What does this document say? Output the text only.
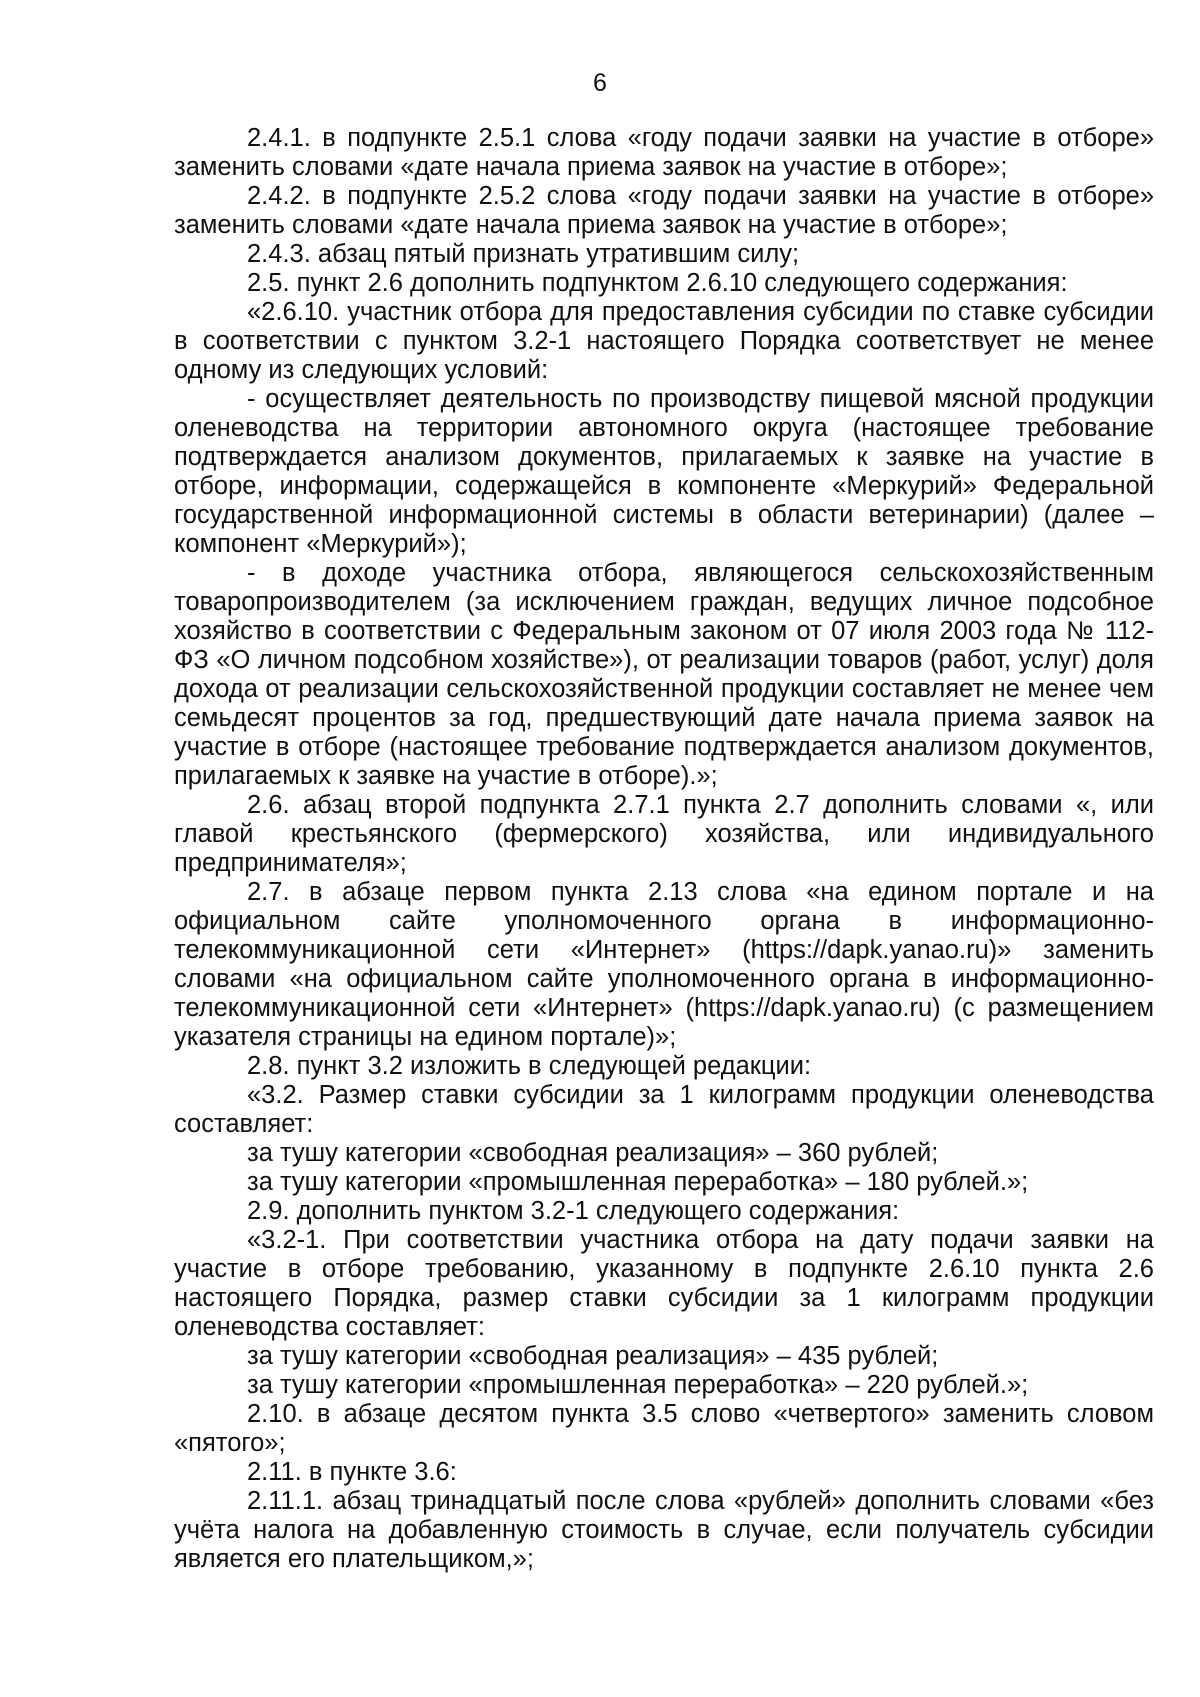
6

2.4.1. в подпункте 2.5.1 слова «году подачи заявки на участие в отборе» заменить словами «дате начала приема заявок на участие в отборе»;

2.4.2. в подпункте 2.5.2 слова «году подачи заявки на участие в отборе» заменить словами «дате начала приема заявок на участие в отборе»;

2.4.3. абзац пятый признать утратившим силу;

2.5. пункт 2.6 дополнить подпунктом 2.6.10 следующего содержания:

«2.6.10. участник отбора для предоставления субсидии по ставке субсидии в соответствии с пунктом 3.2-1 настоящего Порядка соответствует не менее одному из следующих условий:

- осуществляет деятельность по производству пищевой мясной продукции оленеводства на территории автономного округа (настоящее требование подтверждается анализом документов, прилагаемых к заявке на участие в отборе, информации, содержащейся в компоненте «Меркурий» Федеральной государственной информационной системы в области ветеринарии) (далее – компонент «Меркурий»);

- в доходе участника отбора, являющегося сельскохозяйственным товаропроизводителем (за исключением граждан, ведущих личное подсобное хозяйство в соответствии с Федеральным законом от 07 июля 2003 года № 112-ФЗ «О личном подсобном хозяйстве»), от реализации товаров (работ, услуг) доля дохода от реализации сельскохозяйственной продукции составляет не менее чем семьдесят процентов за год, предшествующий дате начала приема заявок на участие в отборе (настоящее требование подтверждается анализом документов, прилагаемых к заявке на участие в отборе).»;

2.6. абзац второй подпункта 2.7.1 пункта 2.7 дополнить словами «, или главой крестьянского (фермерского) хозяйства, или индивидуального предпринимателя»;

2.7. в абзаце первом пункта 2.13 слова «на едином портале и на официальном сайте уполномоченного органа в информационно-телекоммуникационной сети «Интернет» (https://dapk.yanao.ru)» заменить словами «на официальном сайте уполномоченного органа в информационно-телекоммуникационной сети «Интернет» (https://dapk.yanao.ru) (с размещением указателя страницы на едином портале)»;

2.8. пункт 3.2 изложить в следующей редакции:

«3.2. Размер ставки субсидии за 1 килограмм продукции оленеводства составляет:

за тушу категории «свободная реализация» – 360 рублей;

за тушу категории «промышленная переработка» – 180 рублей.»;

2.9. дополнить пунктом 3.2-1 следующего содержания:

«3.2-1. При соответствии участника отбора на дату подачи заявки на участие в отборе требованию, указанному в подпункте 2.6.10 пункта 2.6 настоящего Порядка, размер ставки субсидии за 1 килограмм продукции оленеводства составляет:

за тушу категории «свободная реализация» – 435 рублей;

за тушу категории «промышленная переработка» – 220 рублей.»;

2.10. в абзаце десятом пункта 3.5 слово «четвертого» заменить словом «пятого»;

2.11. в пункте 3.6:

2.11.1. абзац тринадцатый после слова «рублей» дополнить словами «без учёта налога на добавленную стоимость в случае, если получатель субсидии является его плательщиком,»;
